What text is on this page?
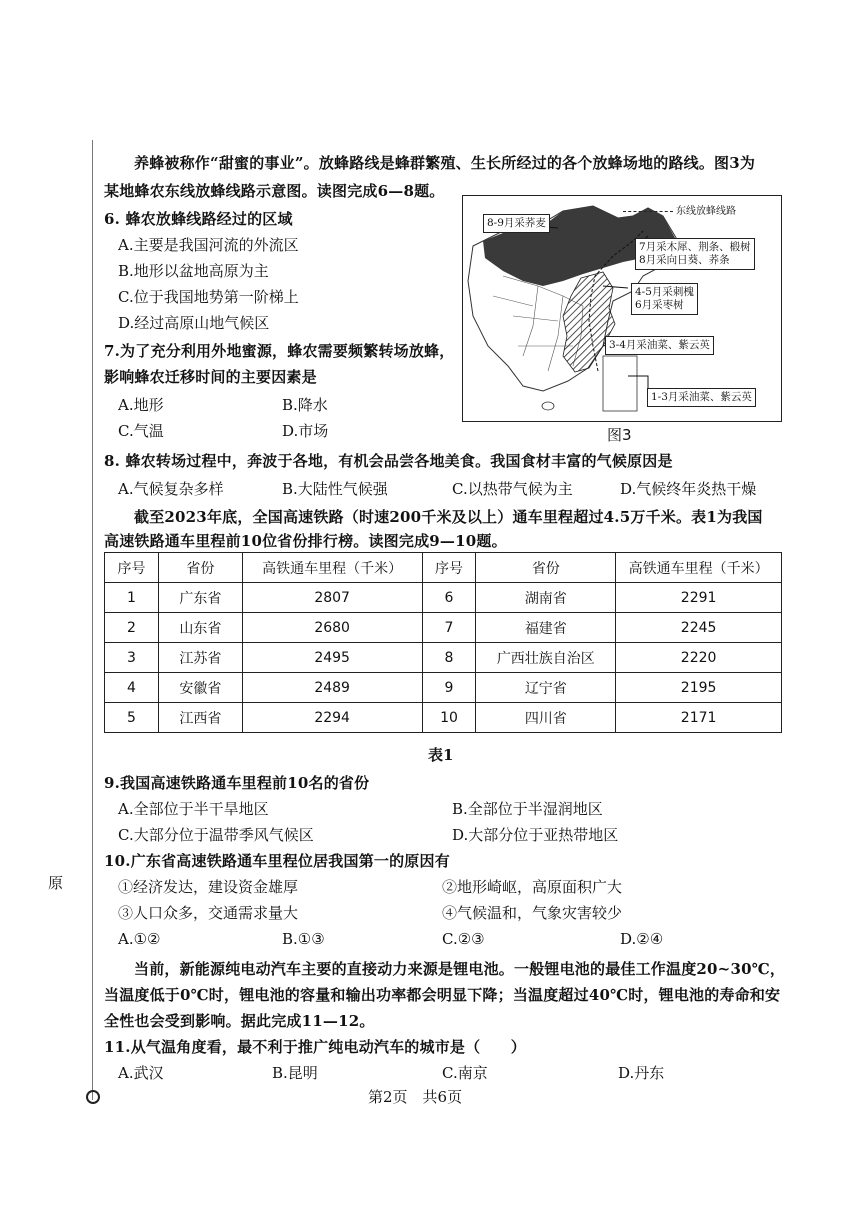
养蜂被称作“甜蜜的事业”。放蜂路线是蜂群繁殖、生长所经过的各个放蜂场地的路线。图3为
某地蜂农东线放蜂线路示意图。读图完成6—8题。
6. 蜂农放蜂线路经过的区域
A.主要是我国河流的外流区
B.地形以盆地高原为主
C.位于我国地势第一阶梯上
D.经过高原山地气候区
7.为了充分利用外地蜜源，蜂农需要频繁转场放蜂，
影响蜂农迁移时间的主要因素是
A.地形	B.降水
C.气温	D.市场
东线放蜂线路
8-9月采荞麦
7月采木犀、荆条、椴树
8月采向日葵、荞条
4-5月采刺槐
6月采枣树
3-4月采油菜、紫云英
1-3月采油菜、紫云英
图3
8. 蜂农转场过程中，奔波于各地，有机会品尝各地美食。我国食材丰富的气候原因是
A.气候复杂多样	B.大陆性气候强	C.以热带气候为主	D.气候终年炎热干燥
截至2023年底，全国高速铁路（时速200千米及以上）通车里程超过4.5万千米。表1为我国
高速铁路通车里程前10位省份排行榜。读图完成9—10题。
序号	省份	高铁通车里程（千米）	序号	省份	高铁通车里程（千米）
1	广东省	2807	6	湖南省	2291
2	山东省	2680	7	福建省	2245
3	江苏省	2495	8	广西壮族自治区	2220
4	安徽省	2489	9	辽宁省	2195
5	江西省	2294	10	四川省	2171
表1
9.我国高速铁路通车里程前10名的省份
A.全部位于半干旱地区	B.全部位于半湿润地区
C.大部分位于温带季风气候区	D.大部分位于亚热带地区
10.广东省高速铁路通车里程位居我国第一的原因有
①经济发达，建设资金雄厚	②地形崎岖，高原面积广大
③人口众多，交通需求量大	④气候温和，气象灾害较少
A.①②	B.①③	C.②③	D.②④
当前，新能源纯电动汽车主要的直接动力来源是锂电池。一般锂电池的最佳工作温度20~30℃，
当温度低于0℃时，锂电池的容量和输出功率都会明显下降；当温度超过40℃时，锂电池的寿命和安
全性也会受到影响。据此完成11—12。
11.从气温角度看，最不利于推广纯电动汽车的城市是（　　）
A.武汉	B.昆明	C.南京	D.丹东
原
第2页　共6页
